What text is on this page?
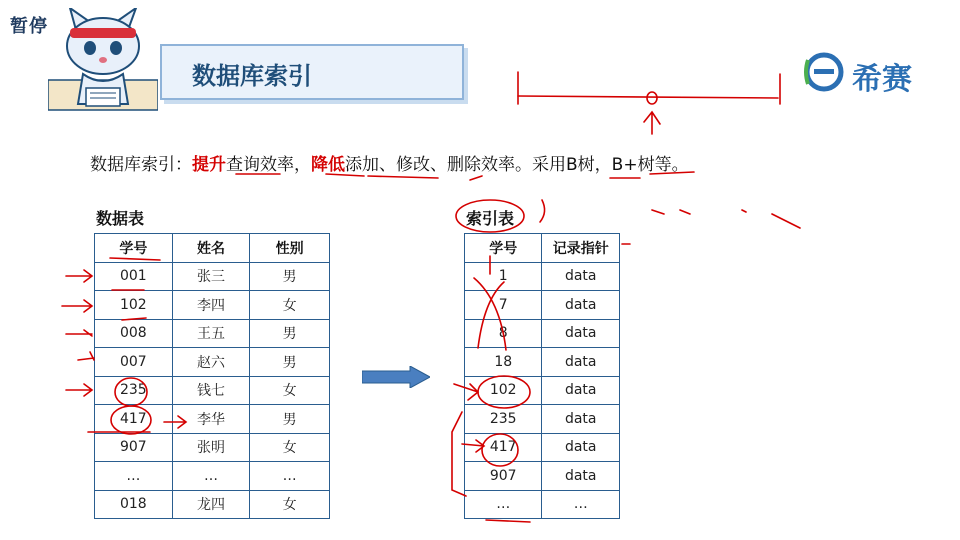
暂停
数据库索引	希赛
数据库索引：提升查询效率，降低添加、修改、删除效率。采用B树，B+树等。
数据表
学号	姓名	性别
001	张三	男
102	李四	女
008	王五	男
007	赵六	男
235	钱七	女
417	李华	男
907	张明	女
…	…	…
018	龙四	女
索引表
学号	记录指针
1	data
7	data
8	data
18	data
102	data
235	data
417	data
907	data
…	…
